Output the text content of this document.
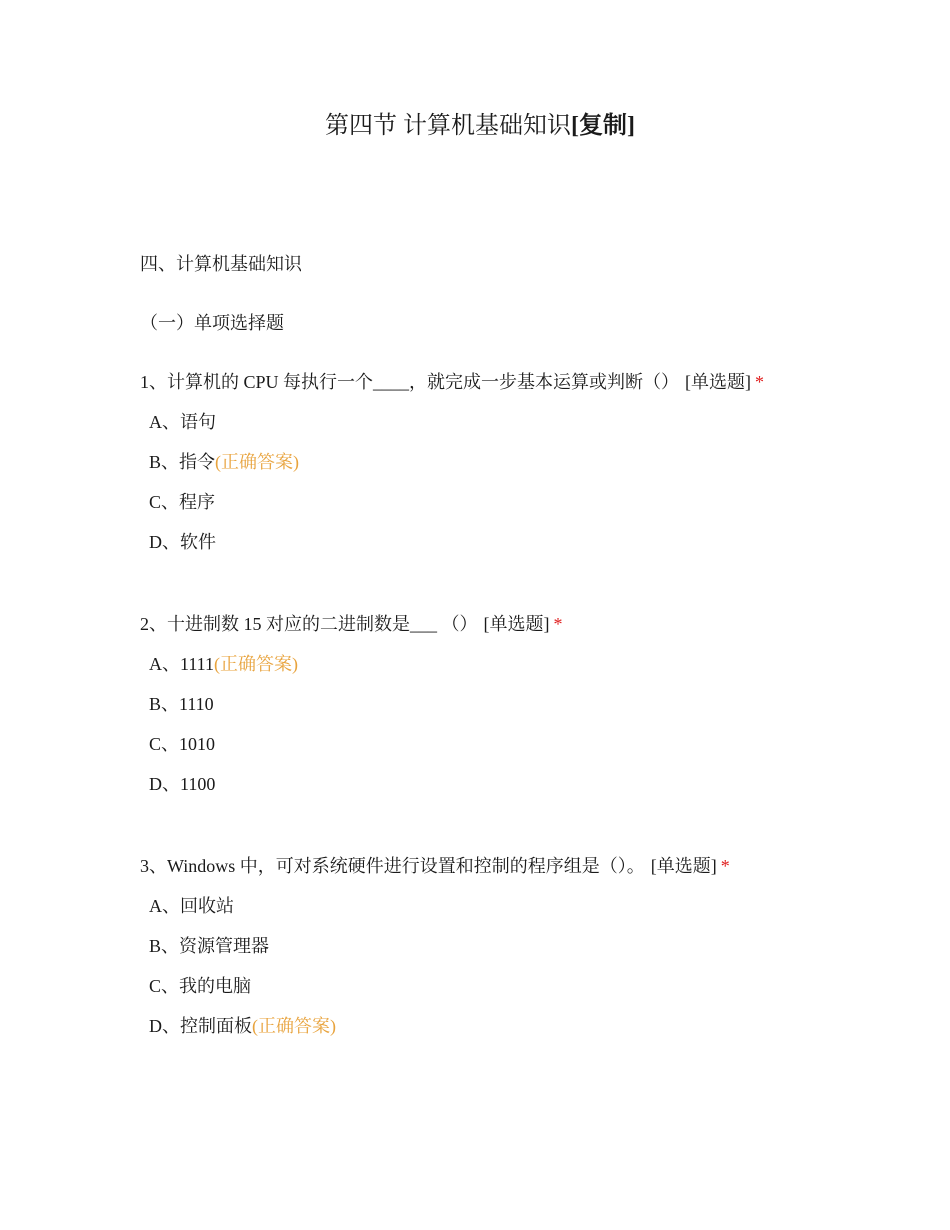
第四节 计算机基础知识[复制]
四、计算机基础知识
（一）单项选择题

1、计算机的 CPU 每执行一个____，就完成一步基本运算或判断（） [单选题] *

A、语句
B、指令(正确答案)
C、程序
D、软件

2、十进制数 15 对应的二进制数是___ （） [单选题] *

A、1111(正确答案)
B、1110
C、1010
D、1100

3、Windows 中，可对系统硬件进行设置和控制的程序组是（）。 [单选题] *

A、回收站
B、资源管理器
C、我的电脑
D、控制面板(正确答案)
